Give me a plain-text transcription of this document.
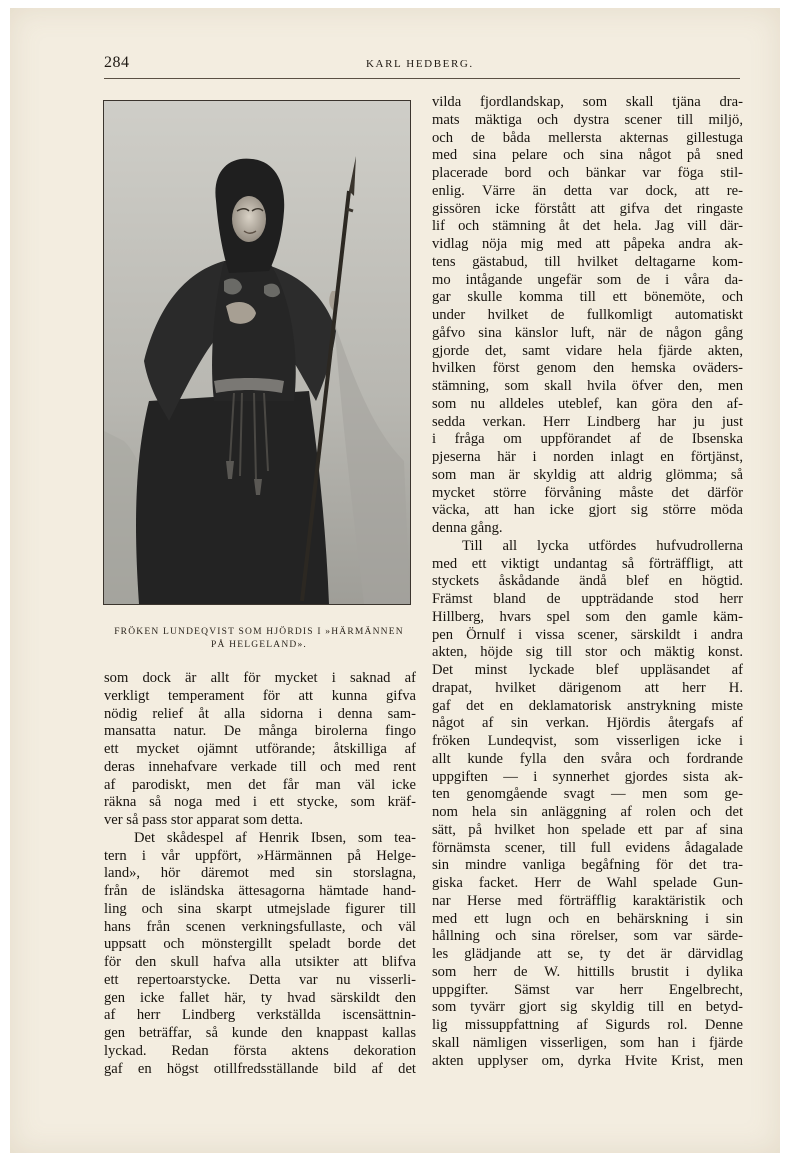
284	KARL HEDBERG.
FRÖKEN LUNDEQVIST SOM HJÖRDIS I »HÄRMÄNNEN
PÅ HELGELAND».
som dock är allt för mycket i saknad af
verkligt temperament för att kunna gifva
nödig relief åt alla sidorna i denna sam-
mansatta natur. De många birolerna fingo
ett mycket ojämnt utförande; åtskilliga af
deras innehafvare verkade till och med rent
af parodiskt, men det får man väl icke
räkna så noga med i ett stycke, som kräf-
ver så pass stor apparat som detta.
Det skådespel af Henrik Ibsen, som tea-
tern i vår uppfört, »Härmännen på Helge-
land», hör däremot med sin storslagna,
från de isländska ättesagorna hämtade hand-
ling och sina skarpt utmejslade figurer till
hans från scenen verkningsfullaste, och väl
uppsatt och mönstergillt speladt borde det
för den skull hafva alla utsikter att blifva
ett repertoarstycke. Detta var nu visserli-
gen icke fallet här, ty hvad särskildt den
af herr Lindberg verkställda iscensättnin-
gen beträffar, så kunde den knappast kallas
lyckad. Redan första aktens dekoration
gaf en högst otillfredsställande bild af det
vilda fjordlandskap, som skall tjäna dra-
mats mäktiga och dystra scener till miljö,
och de båda mellersta akternas gillestuga
med sina pelare och sina något på sned
placerade bord och bänkar var föga stil-
enlig. Värre än detta var dock, att re-
gissören icke förstått att gifva det ringaste
lif och stämning åt det hela. Jag vill där-
vidlag nöja mig med att påpeka andra ak-
tens gästabud, till hvilket deltagarne kom-
mo intågande ungefär som de i våra da-
gar skulle komma till ett bönemöte, och
under hvilket de fullkomligt automatiskt
gåfvo sina känslor luft, när de någon gång
gjorde det, samt vidare hela fjärde akten,
hvilken först genom den hemska oväders-
stämning, som skall hvila öfver den, men
som nu alldeles uteblef, kan göra den af-
sedda verkan. Herr Lindberg har ju just
i fråga om uppförandet af de Ibsenska
pjeserna här i norden inlagt en förtjänst,
som man är skyldig att aldrig glömma; så
mycket större förvåning måste det därför
väcka, att han icke gjort sig större möda
denna gång.
Till all lycka utfördes hufvudrollerna
med ett viktigt undantag så förträffligt, att
styckets åskådande ändå blef en högtid.
Främst bland de uppträdande stod herr
Hillberg, hvars spel som den gamle käm-
pen Örnulf i vissa scener, särskildt i andra
akten, höjde sig till stor och mäktig konst.
Det minst lyckade blef uppläsandet af
drapat, hvilket därigenom att herr H.
gaf det en deklamatorisk anstrykning miste
något af sin verkan. Hjördis återgafs af
fröken Lundeqvist, som visserligen icke i
allt kunde fylla den svåra och fordrande
uppgiften — i synnerhet gjordes sista ak-
ten genomgående svagt — men som ge-
nom hela sin anläggning af rolen och det
sätt, på hvilket hon spelade ett par af sina
förnämsta scener, till full evidens ådagalade
sin mindre vanliga begåfning för det tra-
giska facket. Herr de Wahl spelade Gun-
nar Herse med förträfflig karaktäristik och
med ett lugn och en behärskning i sin
hållning och sina rörelser, som var särde-
les glädjande att se, ty det är därvidlag
som herr de W. hittills brustit i dylika
uppgifter. Sämst var herr Engelbrecht,
som tyvärr gjort sig skyldig till en betyd-
lig missuppfattning af Sigurds rol. Denne
skall nämligen visserligen, som han i fjärde
akten upplyser om, dyrka Hvite Krist, men
